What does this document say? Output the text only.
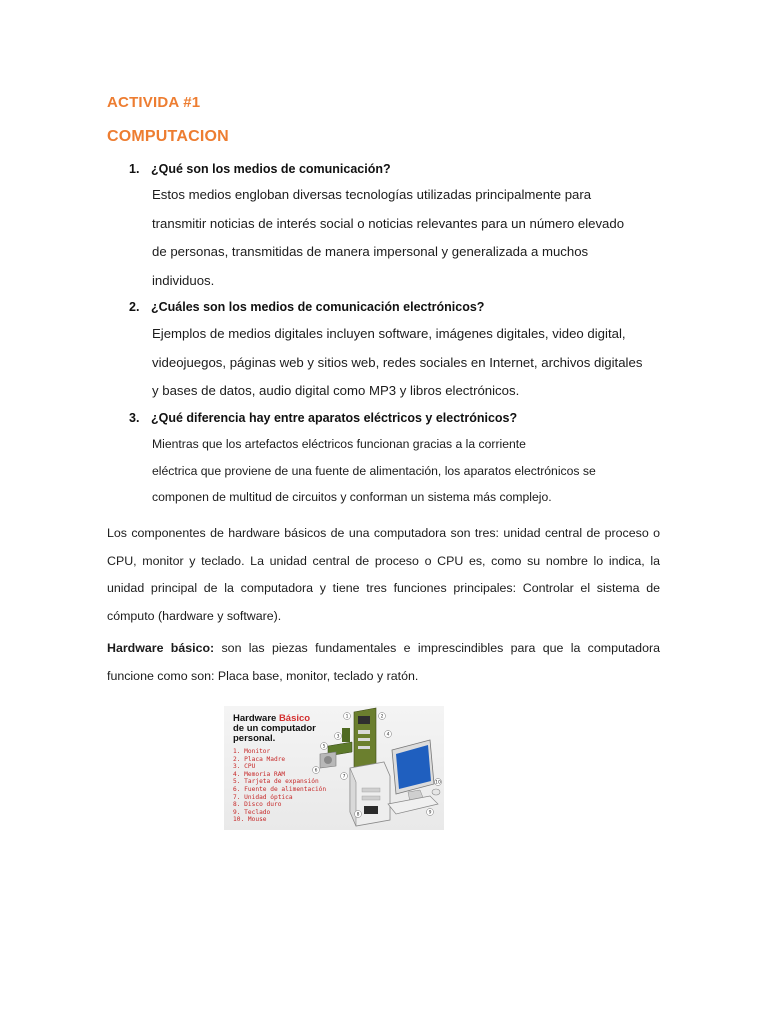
ACTIVIDA #1
COMPUTACION
1. ¿Qué son los medios de comunicación?
Estos medios engloban diversas tecnologías utilizadas principalmente para
transmitir noticias de interés social o noticias relevantes para un número elevado
de personas, transmitidas de manera impersonal y generalizada a muchos
individuos.
2. ¿Cuáles son los medios de comunicación electrónicos?
Ejemplos de medios digitales incluyen software, imágenes digitales, video digital,
videojuegos, páginas web y sitios web, redes sociales en Internet, archivos digitales
y bases de datos, audio digital como MP3 y libros electrónicos.
3. ¿Qué diferencia hay entre aparatos eléctricos y electrónicos?
Mientras que los artefactos eléctricos funcionan gracias a la corriente
eléctrica que proviene de una fuente de alimentación, los aparatos electrónicos se
componen de multitud de circuitos y conforman un sistema más complejo.
Los componentes de hardware básicos de una computadora son tres: unidad central de proceso o
CPU, monitor y teclado. La unidad central de proceso o CPU es, como su nombre lo indica, la
unidad principal de la computadora y tiene tres funciones principales: Controlar el sistema de
cómputo (hardware y software).
Hardware básico: son las piezas fundamentales e imprescindibles para que la computadora
funcione como son: Placa base, monitor, teclado y ratón.
Hardware Básico
de un computador
personal.
1. Monitor
2. Placa Madre
3. CPU
4. Memoria RAM
5. Tarjeta de expansión
6. Fuente de alimentación
7. Unidad óptica
8. Disco duro
9. Teclado
10. Mouse
1	2
3	4
5
6
7
8	9
10
